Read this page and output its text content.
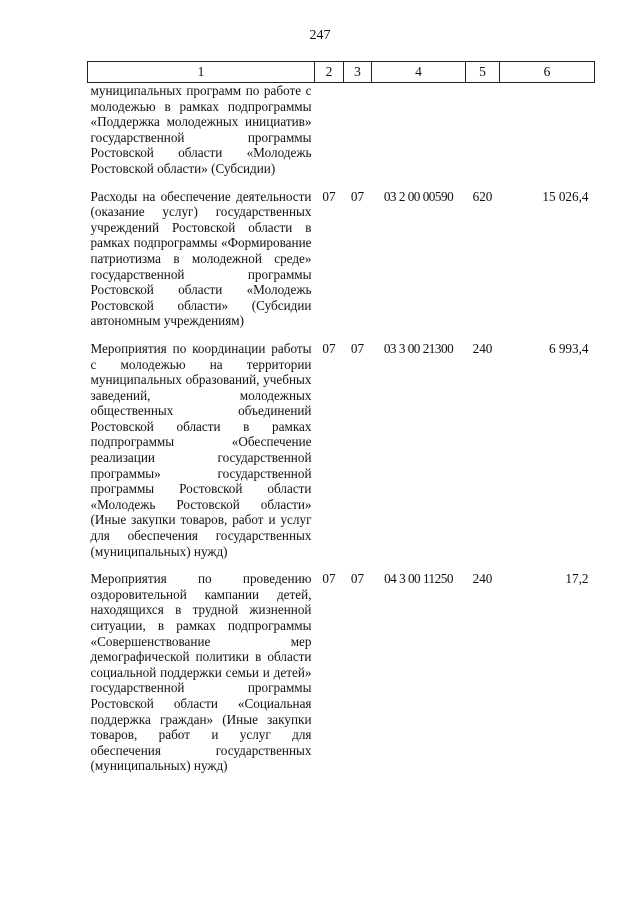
247
1	2	3	4	5	6
муниципальных программ по работе с молодежью в рамках подпрограммы «Поддержка молодежных инициатив» государственной программы Ростовской области «Молодежь Ростовской области» (Субсидии)					
Расходы на обеспечение деятельности (оказание услуг) государственных учреждений Ростовской области в рамках подпрограммы «Формирование патриотизма в молодежной среде» государственной программы Ростовской области «Молодежь Ростовской области» (Субсидии автономным учреждениям)	07	07	03 2 00 00590	620	15 026,4
Мероприятия по координации работы с молодежью на территории муниципальных образований, учебных заведений, молодежных общественных объединений Ростовской области в рамках подпрограммы «Обеспечение реализации государственной программы» государственной программы Ростовской области «Молодежь Ростовской области» (Иные закупки товаров, работ и услуг для обеспечения государственных (муниципальных) нужд)	07	07	03 3 00 21300	240	6 993,4
Мероприятия по проведению оздоровительной кампании детей, находящихся в трудной жизненной ситуации, в рамках подпрограммы «Совершенствование мер демографической политики в области социальной поддержки семьи и детей» государственной программы Ростовской области «Социальная поддержка граждан» (Иные закупки товаров, работ и услуг для обеспечения государственных (муниципальных) нужд)	07	07	04 3 00 11250	240	17,2
